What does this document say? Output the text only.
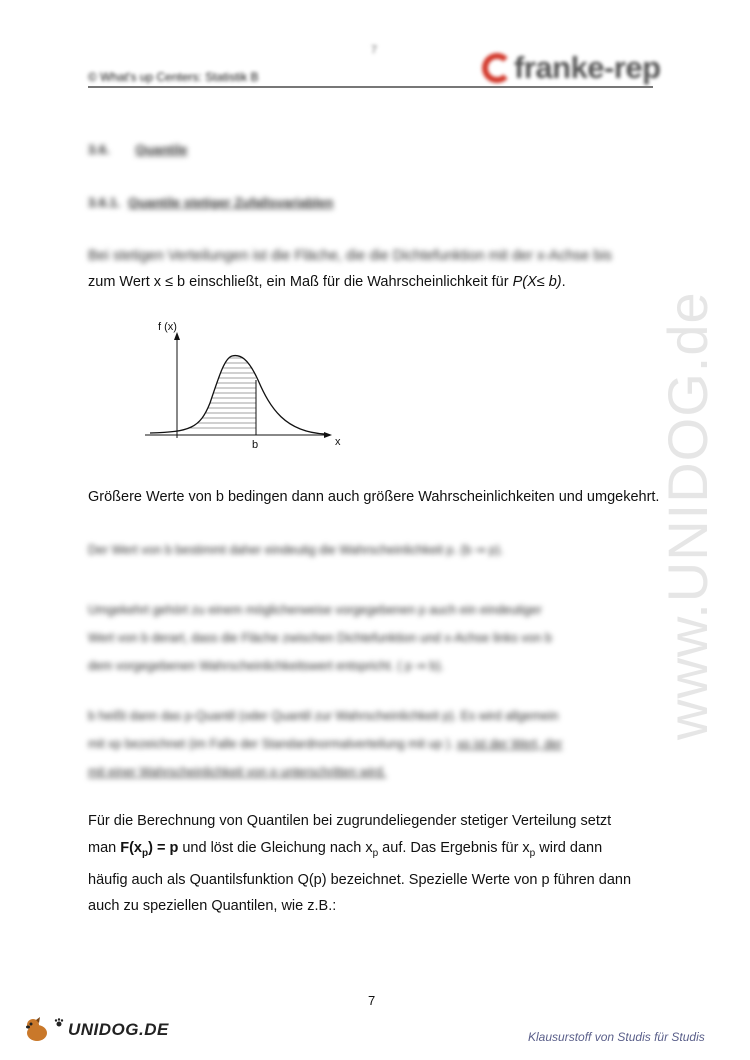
7
© What's up Centers: Statistik B	franke-rep
www.UNIDOG.de
3.6. Quantile
3.6.1. Quantile stetiger Zufallsvariablen
Bei stetigen Verteilungen ist die Fläche, die die Dichtefunktion mit der x-Achse bis
zum Wert x ≤ b einschließt, ein Maß für die Wahrscheinlichkeit für P(X≤ b).
f (x)
x
b
Größere Werte von b bedingen dann auch größere Wahrscheinlichkeiten und umgekehrt.
Der Wert von b bestimmt daher eindeutig die Wahrscheinlichkeit p. (b ⇒ p).
Umgekehrt gehört zu einem möglicherweise vorgegebenen p auch ein eindeutiger
Wert von b derart, dass die Fläche zwischen Dichtefunktion und x-Achse links von b
dem vorgegebenen Wahrscheinlichkeitswert entspricht. ( p ⇒ b).
b heißt dann das p-Quantil (oder Quantil zur Wahrscheinlichkeit p). Es wird allgemein
mit xp bezeichnet (im Falle der Standardnormalverteilung mit up ). xp ist der Wert, der
mit einer Wahrscheinlichkeit von p unterschritten wird.
Für die Berechnung von Quantilen bei zugrundeliegender stetiger Verteilung setzt
man $F(x_p) = p$ und löst die Gleichung nach $x_p$ auf. Das Ergebnis für $x_p$ wird dann
häufig auch als Quantilsfunktion Q(p) bezeichnet. Spezielle Werte von p führen dann
auch zu speziellen Quantilen, wie z.B.:
7
UNIDOG.DE	Klausurstoff von Studis für Studis
